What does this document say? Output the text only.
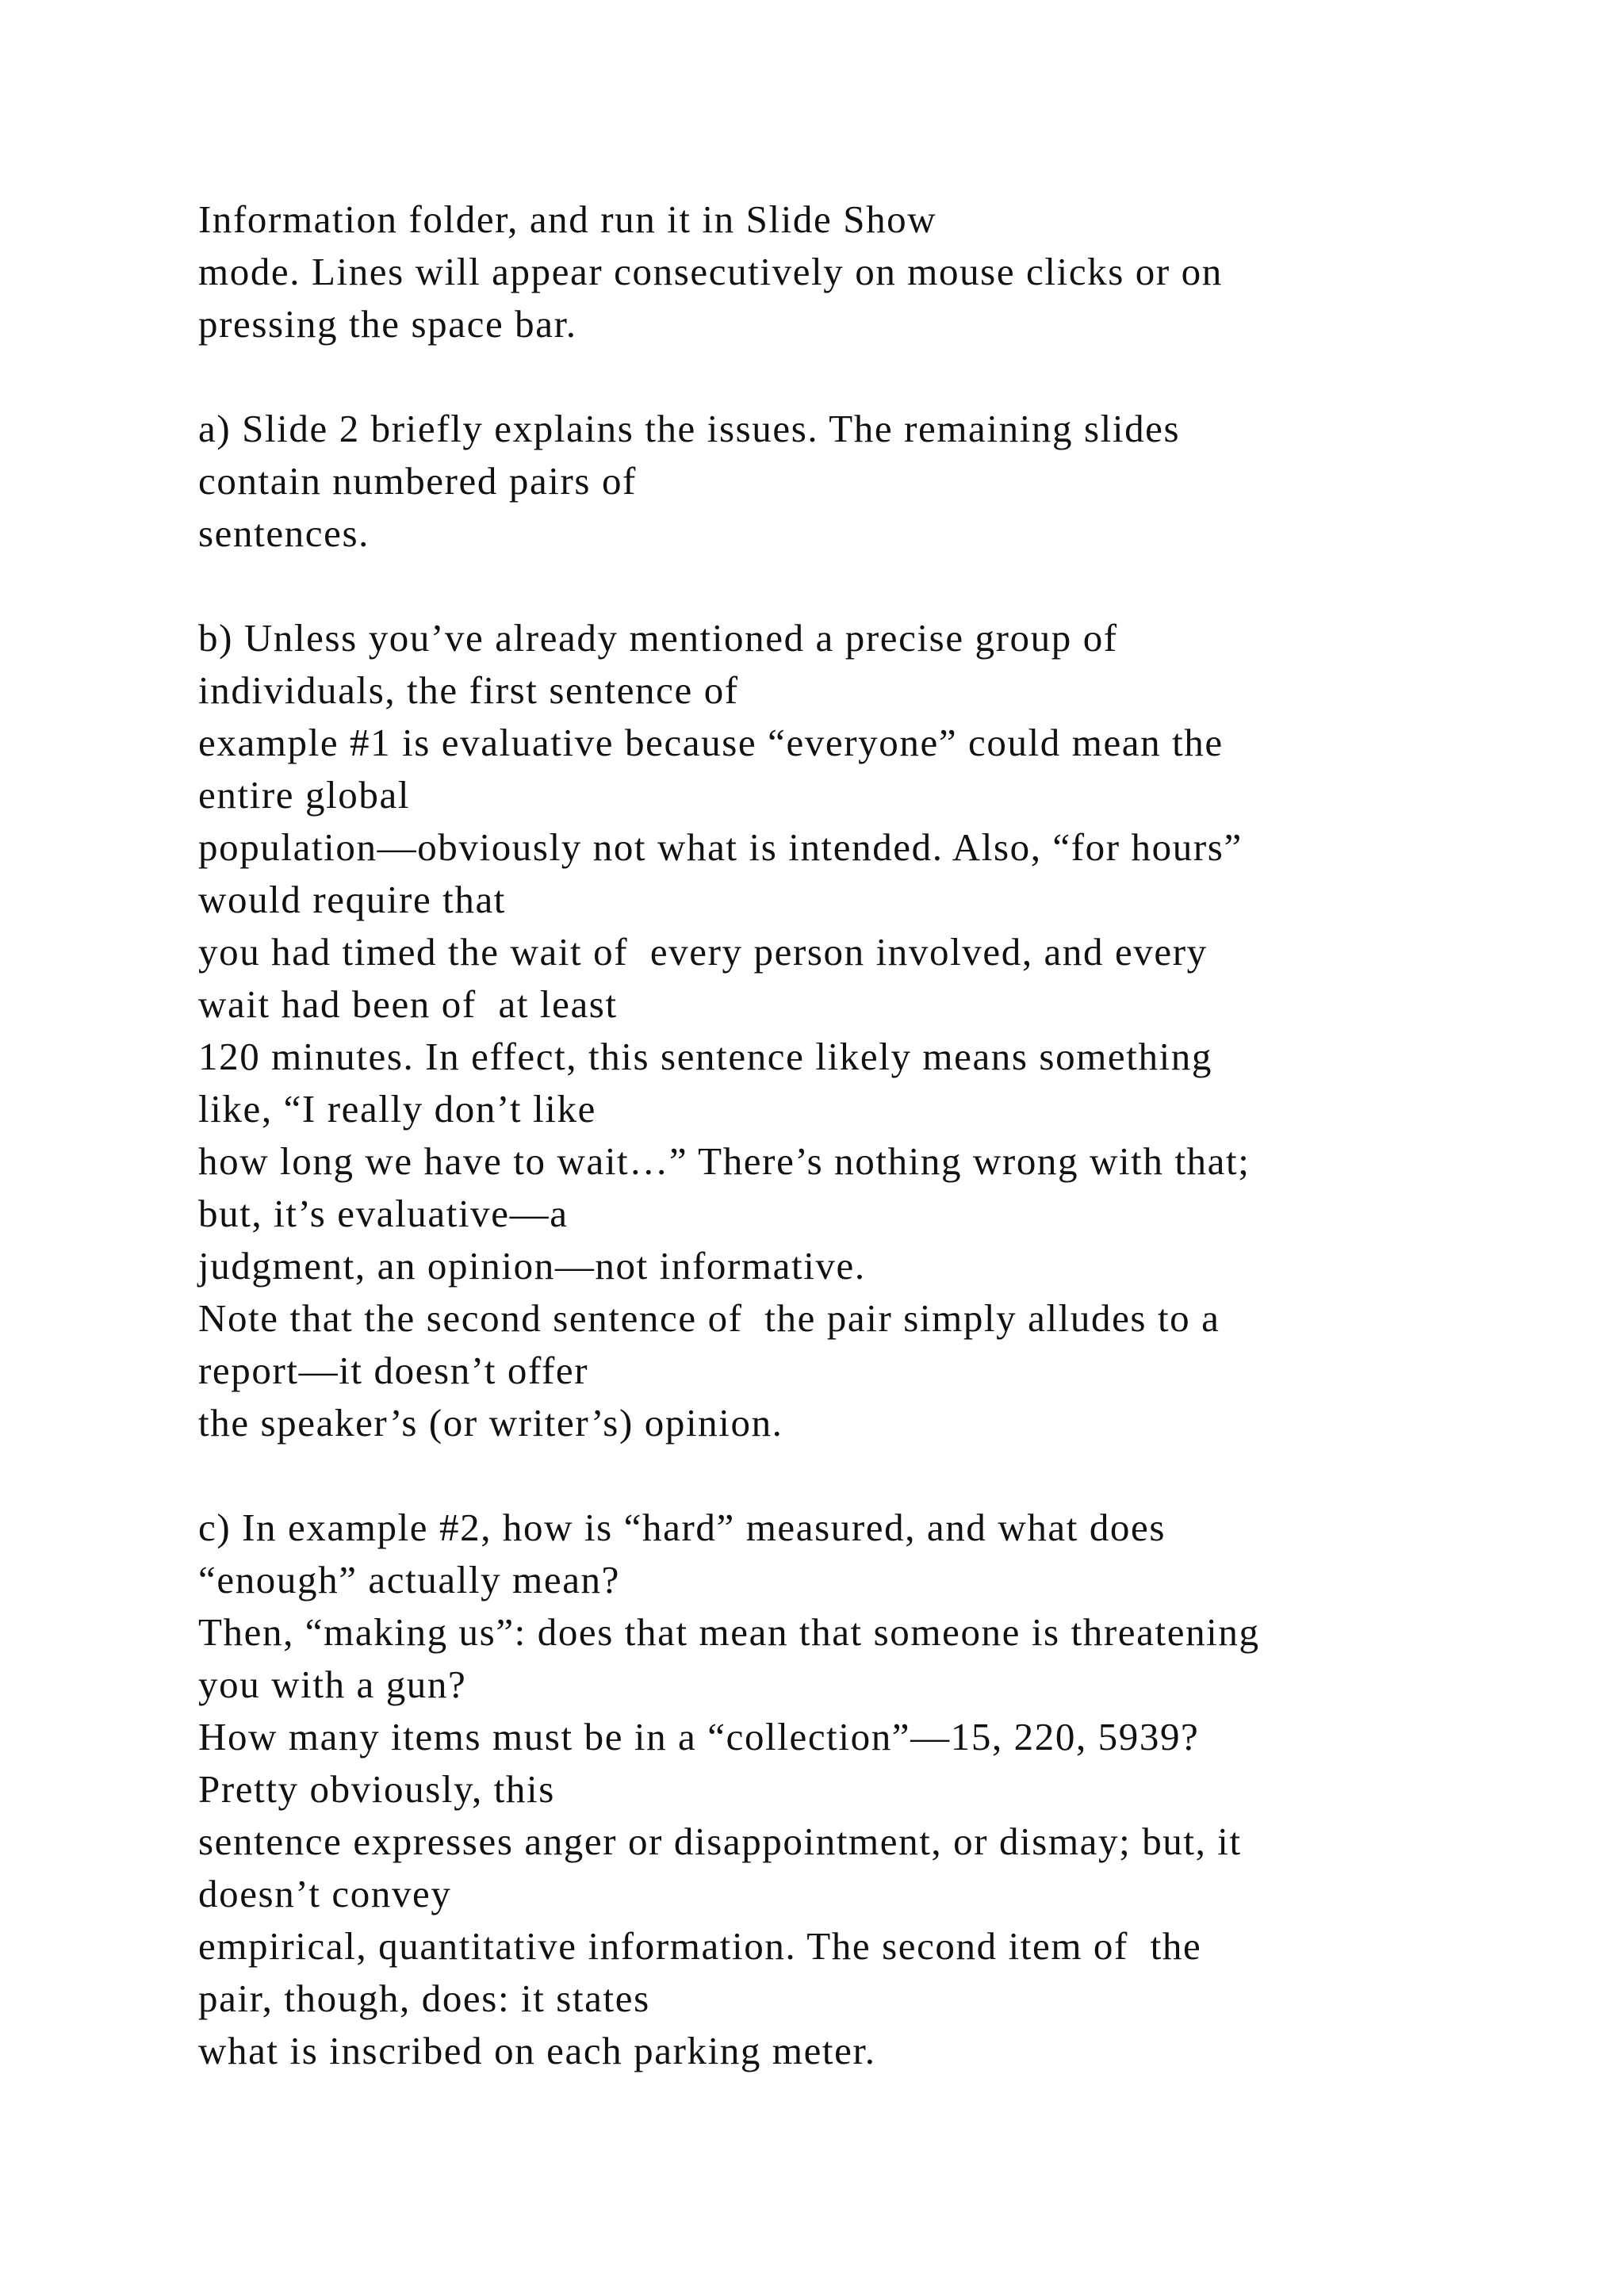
Information folder, and run it in Slide Show
mode. Lines will appear consecutively on mouse clicks or on
pressing the space bar.
a) Slide 2 briefly explains the issues. The remaining slides
contain numbered pairs of
sentences.
b) Unless you’ve already mentioned a precise group of
individuals, the first sentence of
example #1 is evaluative because “everyone” could mean the
entire global
population—obviously not what is intended. Also, “for hours”
would require that
you had timed the wait of  every person involved, and every
wait had been of  at least
120 minutes. In effect, this sentence likely means something
like, “I really don’t like
how long we have to wait…” There’s nothing wrong with that;
but, it’s evaluative—a
judgment, an opinion—not informative.
Note that the second sentence of  the pair simply alludes to a
report—it doesn’t offer
the speaker’s (or writer’s) opinion.
c) In example #2, how is “hard” measured, and what does
“enough” actually mean?
Then, “making us”: does that mean that someone is threatening
you with a gun?
How many items must be in a “collection”—15, 220, 5939?
Pretty obviously, this
sentence expresses anger or disappointment, or dismay; but, it
doesn’t convey
empirical, quantitative information. The second item of  the
pair, though, does: it states
what is inscribed on each parking meter.
